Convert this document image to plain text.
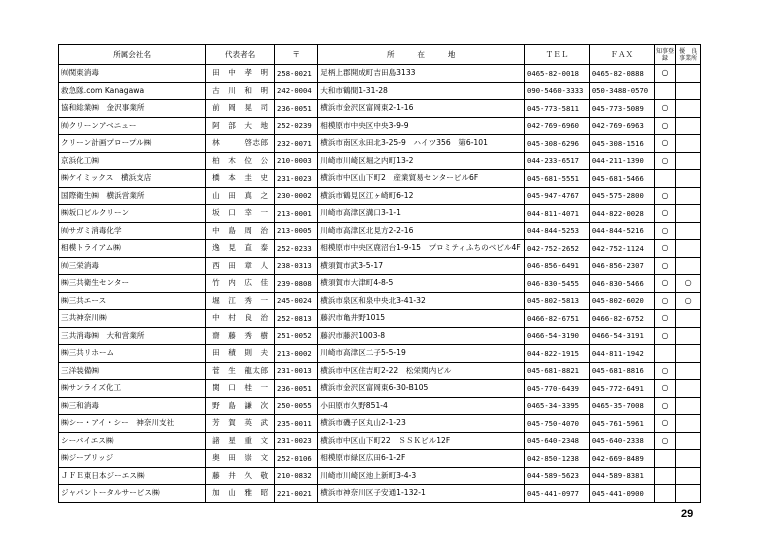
所属会社名	代表者名	〒	所　　　在　　　地	ＴＥＬ	ＦＡＸ	知事登録	優　良事業所
㈲関東消毒	田　中　孝　明	258-0021	足柄上郡開成町吉田島3133	0465-82-0018	0465-82-0888	○	
救急隊.com Kanagawa	古　川　和　明	242-0004	大和市鶴間1-31-28	090-5460-3333	050-3488-0570		
協和総業㈱　金沢事業所	前　岡　晃　司	236-0051	横浜市金沢区富岡東2-1-16	045-773-5811	045-773-5089	○	
㈲クリーンアベニュー	阿　部　大　地	252-0239	相模原市中央区中央3-9-9	042-769-6960	042-769-6963	○	
クリーン計画プロープル㈱	林　　　啓志郎	232-0071	横浜市南区永田北3-25-9　ハイツ356　第6-101	045-308-6296	045-308-1516	○	
京浜化工㈱	柏　木　位　公	210-0003	川崎市川崎区堀之内町13-2	044-233-6517	044-211-1390	○	
㈱ケイミックス　横浜支店	橋　本　圭　史	231-0023	横浜市中区山下町2　産業貿易センタービル6F	045-681-5551	045-681-5466		
国際衛生㈱　横浜営業所	山　田　真　之	230-0002	横浜市鶴見区江ヶ崎町6-12	045-947-4767	045-575-2800	○	
㈱坂口ビルクリーン	坂　口　幸　一	213-0001	川崎市高津区溝口3-1-1	044-811-4071	044-822-0028	○	
㈲サガミ消毒化学	中　島　周　治	213-0005	川崎市高津区北見方2-2-16	044-844-5253	044-844-5216	○	
相模トライアム㈱	逸　見　直　泰	252-0233	相模原市中央区鹿沼台1-9-15　プロミティふちのべビル4F	042-752-2652	042-752-1124	○	
㈲三栄消毒	西　田　章　人	238-0313	横須賀市武3-5-17	046-856-6491	046-856-2307	○	
㈱三共衛生センター	竹　内　広　佳	239-0808	横須賀市大津町4-8-5	046-830-5455	046-830-5466	○	○
㈱三共エース	堀　江　秀　一	245-0024	横浜市泉区和泉中央北3-41-32	045-802-5813	045-802-6020	○	○
三共神奈川㈱	中　村　良　治	252-0813	藤沢市亀井野1015	0466-82-6751	0466-82-6752	○	
三共消毒㈱　大和営業所	齋　藤　秀　樹	251-0052	藤沢市藤沢1003-8	0466-54-3190	0466-54-3191	○	
㈱三共リホーム	田　積　則　夫	213-0002	川崎市高津区二子5-5-19	044-822-1915	044-811-1942		
三洋装備㈱	菅　生　龍太郎	231-0013	横浜市中区住吉町2-22　松栄関内ビル	045-681-8821	045-681-8816	○	
㈱サンライズ化工	関　口　桂　一	236-0051	横浜市金沢区富岡東6-30-B105	045-770-6439	045-772-6491	○	
㈱三和消毒	野　島　謙　次	250-0055	小田原市久野851-4	0465-34-3395	0465-35-7008	○	
㈱シー・アイ・シー　神奈川支社	芳　賀　英　武	235-0011	横浜市磯子区丸山2-1-23	045-750-4070	045-761-5961	○	
シーバイエス㈱	諸　星　重　文	231-0023	横浜市中区山下町22　ＳＳＫビル12F	045-640-2348	045-640-2338	○	
㈱ジーブリッジ	奥　田　崇　文	252-0106	相模原市緑区広田6-1-2F	042-850-1238	042-669-8489		
ＪＦＥ東日本ジーエス㈱	藤　井　久　敬	210-0832	川崎市川崎区池上新町3-4-3	044-589-5623	044-589-8381		
ジャパントータルサービス㈱	加　山　雅　昭	221-0021	横浜市神奈川区子安通1-132-1	045-441-0977	045-441-0900		
29
